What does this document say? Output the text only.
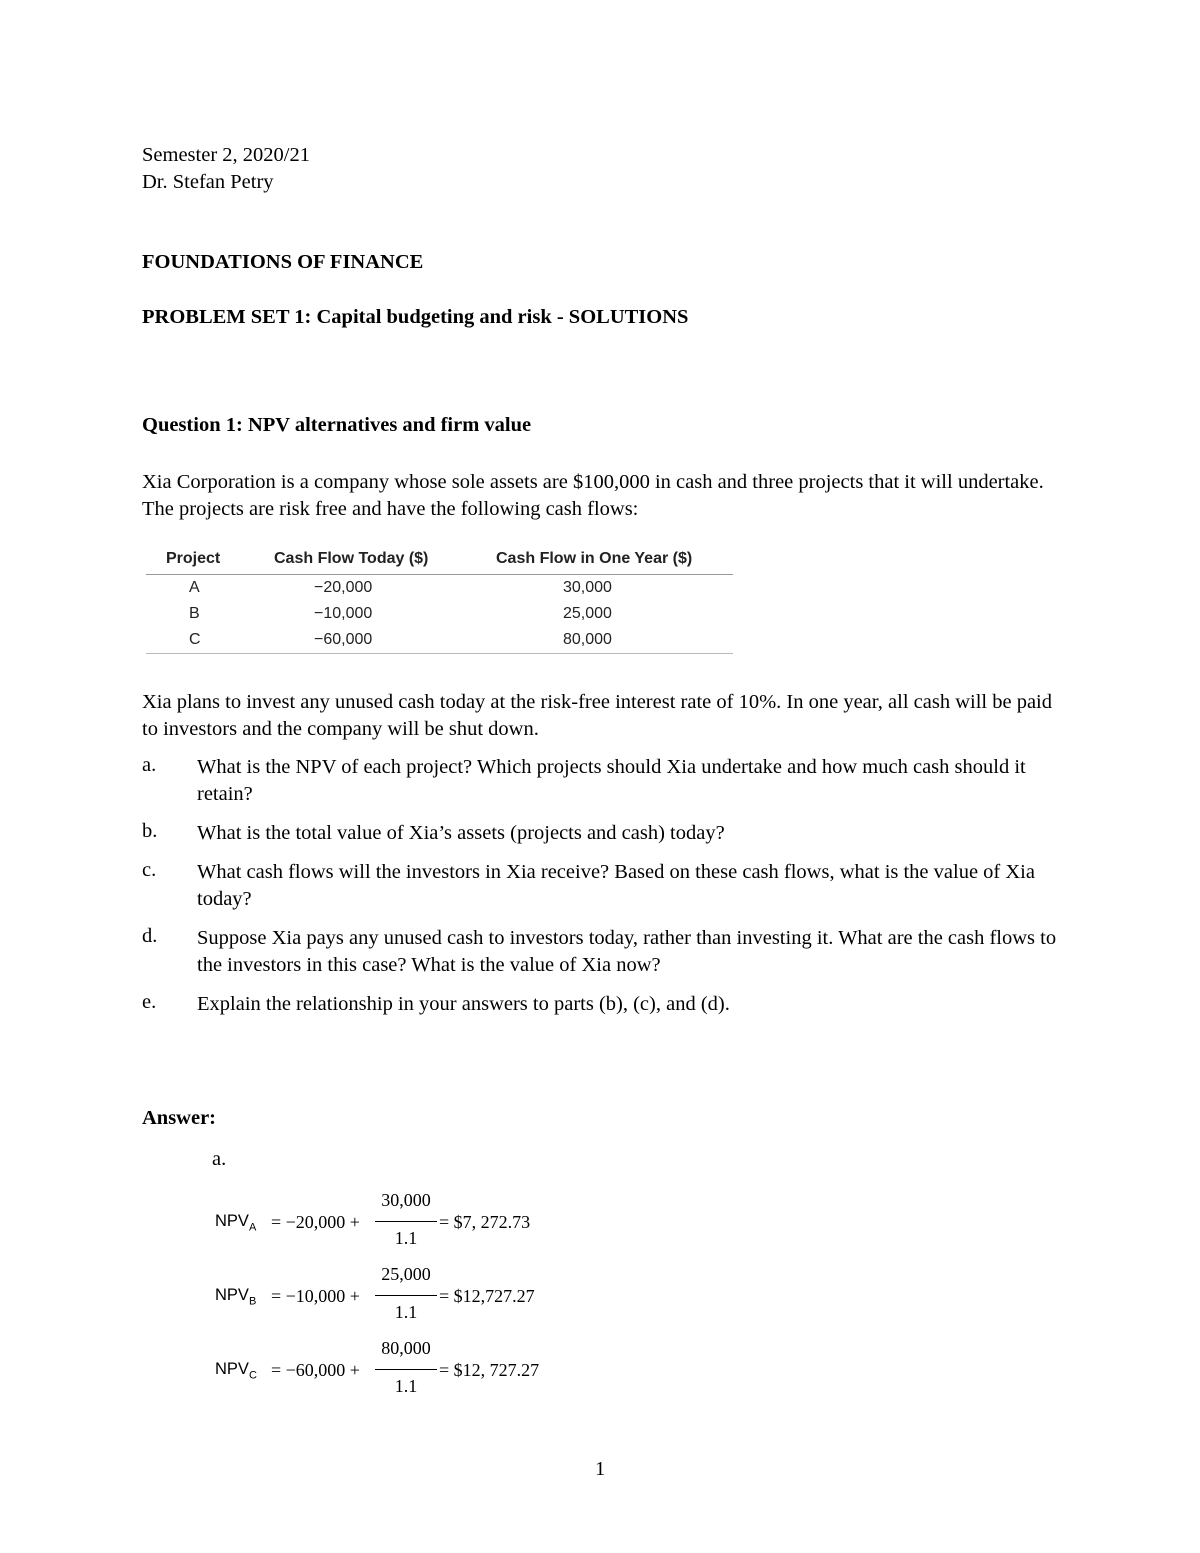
Semester 2, 2020/21
Dr. Stefan Petry
FOUNDATIONS OF FINANCE
PROBLEM SET 1: Capital budgeting and risk - SOLUTIONS
Question 1: NPV alternatives and firm value
Xia Corporation is a company whose sole assets are $100,000 in cash and three projects that it will undertake. The projects are risk free and have the following cash flows:
Project	Cash Flow Today ($)	Cash Flow in One Year ($)
A	−20,000	30,000
B	−10,000	25,000
C	−60,000	80,000
Xia plans to invest any unused cash today at the risk-free interest rate of 10%. In one year, all cash will be paid to investors and the company will be shut down.
a. What is the NPV of each project? Which projects should Xia undertake and how much cash should it retain?
b. What is the total value of Xia’s assets (projects and cash) today?
c. What cash flows will the investors in Xia receive? Based on these cash flows, what is the value of Xia today?
d. Suppose Xia pays any unused cash to investors today, rather than investing it. What are the cash flows to the investors in this case? What is the value of Xia now?
e. Explain the relationship in your answers to parts (b), (c), and (d).
Answer:
a.
$NPV_A = -20,000$ +
30,000
1.1
= $7, 272.73
$NPV_B = -10,000$ +
25,000
1.1
= $12,727.27
$NPV_C = -60,000$ +
80,000
1.1
= $12, 727.27
1
